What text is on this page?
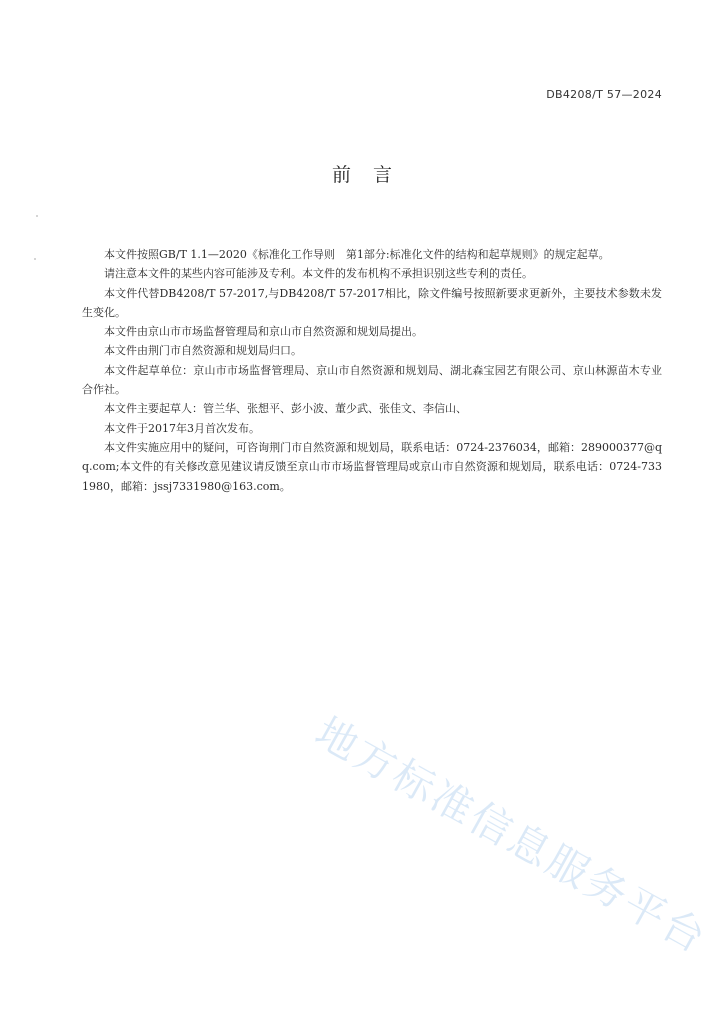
DB4208/T 57—2024
前言

本文件按照GB/T 1.1—2020《标准化工作导则　第1部分:标准化文件的结构和起草规则》的规定起草。

请注意本文件的某些内容可能涉及专利。本文件的发布机构不承担识别这些专利的责任。

本文件代替DB4208/T 57-2017,与DB4208/T 57-2017相比，除文件编号按照新要求更新外，主要技术参数未发生变化。

本文件由京山市市场监督管理局和京山市自然资源和规划局提出。

本文件由荆门市自然资源和规划局归口。

本文件起草单位：京山市市场监督管理局、京山市自然资源和规划局、湖北森宝园艺有限公司、京山林源苗木专业合作社。

本文件主要起草人：管兰华、张想平、彭小波、董少武、张佳文、李信山、

本文件于2017年3月首次发布。

本文件实施应用中的疑问，可咨询荆门市自然资源和规划局，联系电话：0724-2376034，邮箱：289000377@qq.com;本文件的有关修改意见建议请反馈至京山市市场监督管理局或京山市自然资源和规划局，联系电话：0724-7331980，邮箱：jssj7331980@163.com。

地方标准信息服务平台
